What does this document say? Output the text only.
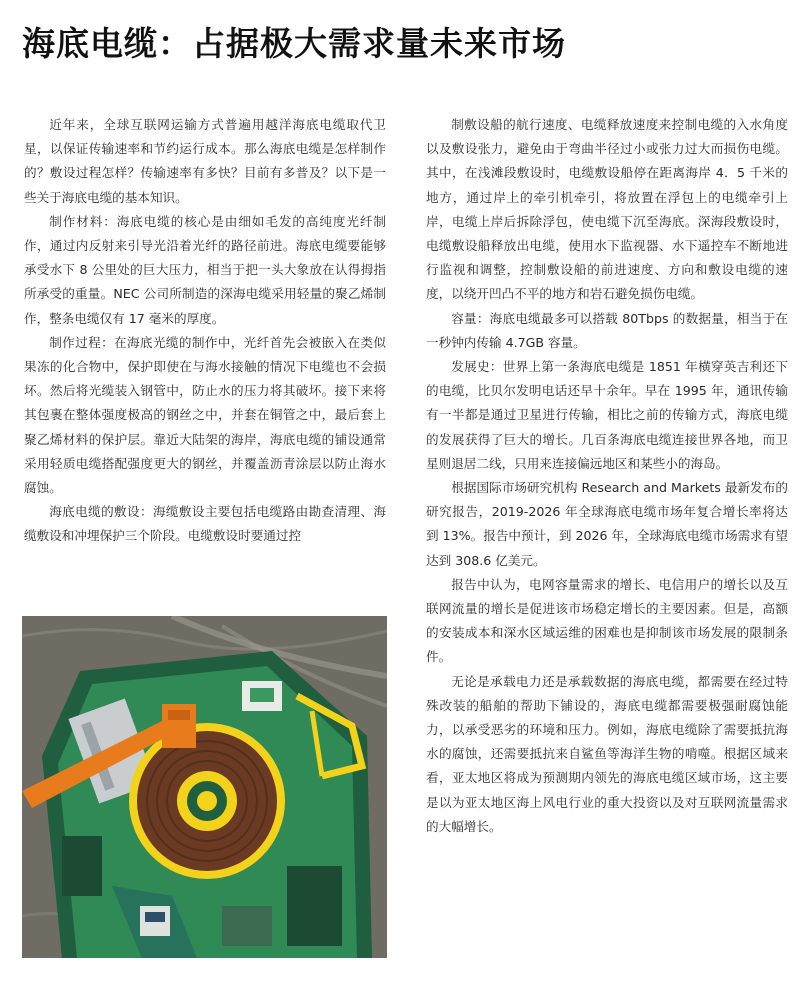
海底电缆：占据极大需求量未来市场

近年来，全球互联网运输方式普遍用越洋海底电缆取代卫星，以保证传输速率和节约运行成本。那么海底电缆是怎样制作的？敷设过程怎样？传输速率有多快？目前有多普及？以下是一些关于海底电缆的基本知识。

制作材料：海底电缆的核心是由细如毛发的高纯度光纤制作，通过内反射来引导光沿着光纤的路径前进。海底电缆要能够承受水下 8 公里处的巨大压力，相当于把一头大象放在认得拇指所承受的重量。NEC 公司所制造的深海电缆采用轻量的聚乙烯制作，整条电缆仅有 17 毫米的厚度。

制作过程：在海底光缆的制作中，光纤首先会被嵌入在类似果冻的化合物中，保护即使在与海水接触的情况下电缆也不会损坏。然后将光缆装入钢管中，防止水的压力将其破坏。接下来将其包裹在整体强度极高的钢丝之中，并套在铜管之中，最后套上聚乙烯材料的保护层。靠近大陆架的海岸，海底电缆的铺设通常采用轻质电缆搭配强度更大的钢丝，并覆盖沥青涂层以防止海水腐蚀。

海底电缆的敷设：海缆敷设主要包括电缆路由勘查清理、海缆敷设和冲埋保护三个阶段。电缆敷设时要通过控

制敷设船的航行速度、电缆释放速度来控制电缆的入水角度以及敷设张力，避免由于弯曲半径过小或张力过大而损伤电缆。其中，在浅滩段敷设时，电缆敷设船停在距离海岸 4．5 千米的地方，通过岸上的牵引机牵引，将放置在浮包上的电缆牵引上岸，电缆上岸后拆除浮包，使电缆下沉至海底。深海段敷设时，电缆敷设船释放出电缆，使用水下监视器、水下遥控车不断地进行监视和调整，控制敷设船的前进速度、方向和敷设电缆的速度，以绕开凹凸不平的地方和岩石避免损伤电缆。

容量：海底电缆最多可以搭载 80Tbps 的数据量，相当于在一秒钟内传输 4.7GB 容量。

发展史：世界上第一条海底电缆是 1851 年横穿英吉利还下的电缆，比贝尔发明电话还早十余年。早在 1995 年，通讯传输有一半都是通过卫星进行传输，相比之前的传输方式，海底电缆的发展获得了巨大的增长。几百条海底电缆连接世界各地，而卫星则退居二线，只用来连接偏远地区和某些小的海岛。

根据国际市场研究机构 Research and Markets 最新发布的研究报告，2019-2026 年全球海底电缆市场年复合增长率将达到 13%。报告中预计，到 2026 年，全球海底电缆市场需求有望达到 308.6 亿美元。

报告中认为，电网容量需求的增长、电信用户的增长以及互联网流量的增长是促进该市场稳定增长的主要因素。但是，高额的安装成本和深水区域运维的困难也是抑制该市场发展的限制条件。

无论是承载电力还是承载数据的海底电缆，都需要在经过特殊改装的船舶的帮助下铺设的，海底电缆都需要极强耐腐蚀能力，以承受恶劣的环境和压力。例如，海底电缆除了需要抵抗海水的腐蚀，还需要抵抗来自鲨鱼等海洋生物的啃噬。根据区域来看，亚太地区将成为预测期内领先的海底电缆区域市场，这主要是以为亚太地区海上风电行业的重大投资以及对互联网流量需求的大幅增长。
